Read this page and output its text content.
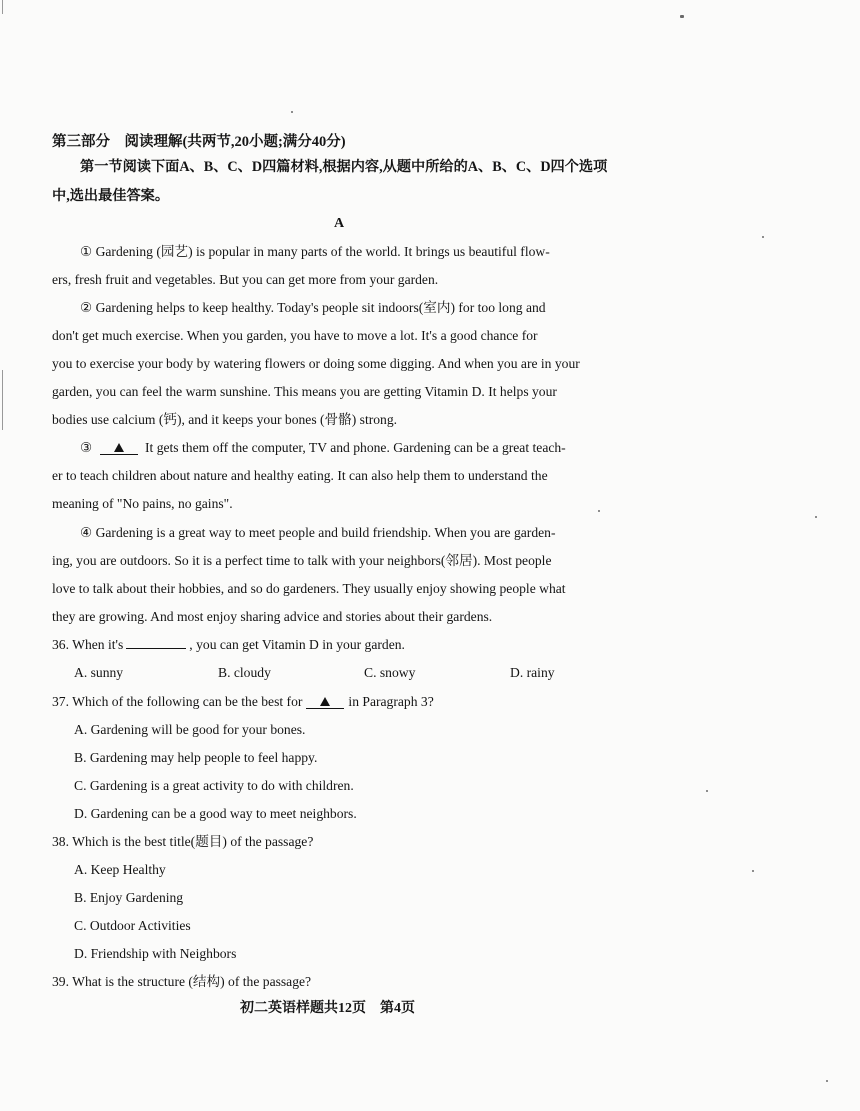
第三部分　阅读理解(共两节,20小题;满分40分)
第一节阅读下面A、B、C、D四篇材料,根据内容,从题中所给的A、B、C、D四个选项
中,选出最佳答案。
A
① Gardening (园艺) is popular in many parts of the world. It brings us beautiful flow-
ers, fresh fruit and vegetables. But you can get more from your garden.
② Gardening helps to keep healthy. Today's people sit indoors(室内) for too long and
don't get much exercise. When you garden, you have to move a lot. It's a good chance for
you to exercise your body by watering flowers or doing some digging. And when you are in your
garden, you can feel the warm sunshine. This means you are getting Vitamin D. It helps your
bodies use calcium (钙), and it keeps your bones (骨骼) strong.
③	It gets them off the computer, TV and phone. Gardening can be a great teach-
er to teach children about nature and healthy eating. It can also help them to understand the
meaning of "No pains, no gains".
④ Gardening is a great way to meet people and build friendship. When you are garden-
ing, you are outdoors. So it is a perfect time to talk with your neighbors(邻居). Most people
love to talk about their hobbies, and so do gardeners. They usually enjoy showing people what
they are growing. And most enjoy sharing advice and stories about their gardens.
36. When it's	, you can get Vitamin D in your garden.
A. sunny	B. cloudy	C. snowy	D. rainy
37. Which of the following can be the best for	in Paragraph 3?
A. Gardening will be good for your bones.
B. Gardening may help people to feel happy.
C. Gardening is a great activity to do with children.
D. Gardening can be a good way to meet neighbors.
38. Which is the best title(题目) of the passage?
A. Keep Healthy
B. Enjoy Gardening
C. Outdoor Activities
D. Friendship with Neighbors
39. What is the structure (结构) of the passage?
初二英语样题共12页　第4页
